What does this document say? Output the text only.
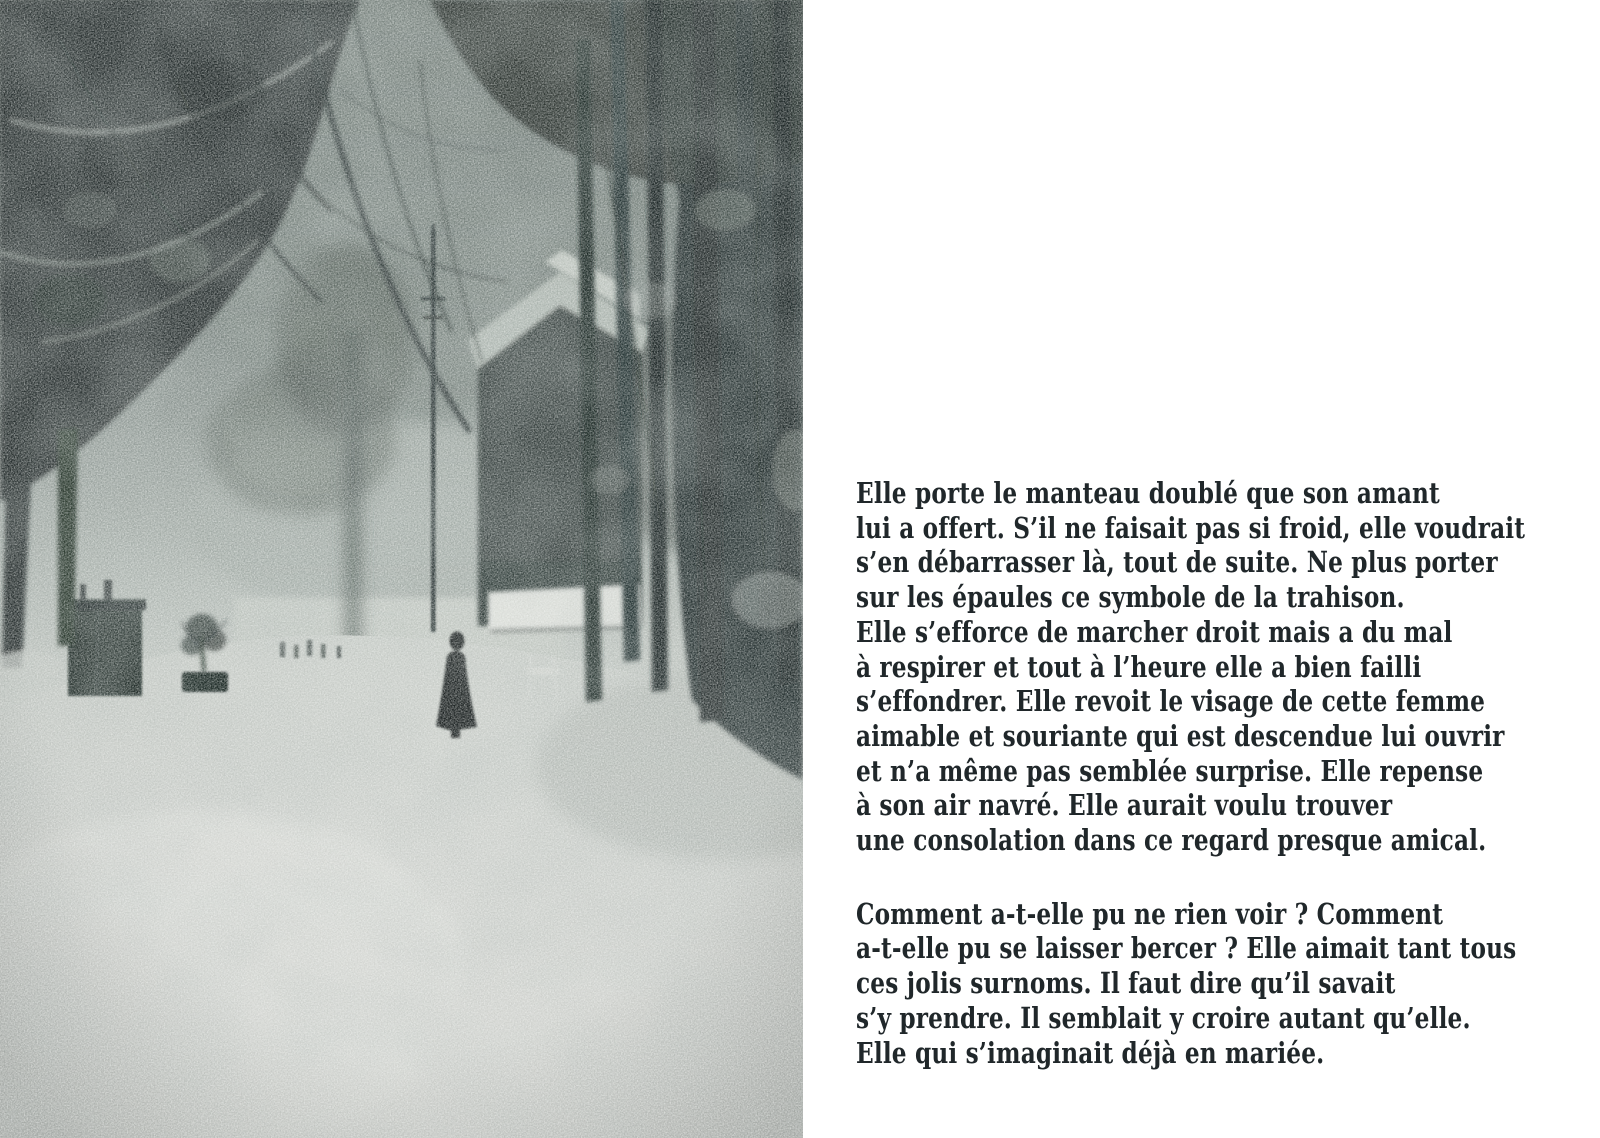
Elle porte le manteau doublé que son amant
lui a offert. S’il ne faisait pas si froid, elle voudrait
s’en débarrasser là, tout de suite. Ne plus porter
sur les épaules ce symbole de la trahison.
Elle s’efforce de marcher droit mais a du mal
à respirer et tout à l’heure elle a bien failli
s’effondrer. Elle revoit le visage de cette femme
aimable et souriante qui est descendue lui ouvrir
et n’a même pas semblée surprise. Elle repense
à son air navré. Elle aurait voulu trouver
une consolation dans ce regard presque amical.
Comment a-t-elle pu ne rien voir ? Comment
a-t-elle pu se laisser bercer ? Elle aimait tant tous
ces jolis surnoms. Il faut dire qu’il savait
s’y prendre. Il semblait y croire autant qu’elle.
Elle qui s’imaginait déjà en mariée.
